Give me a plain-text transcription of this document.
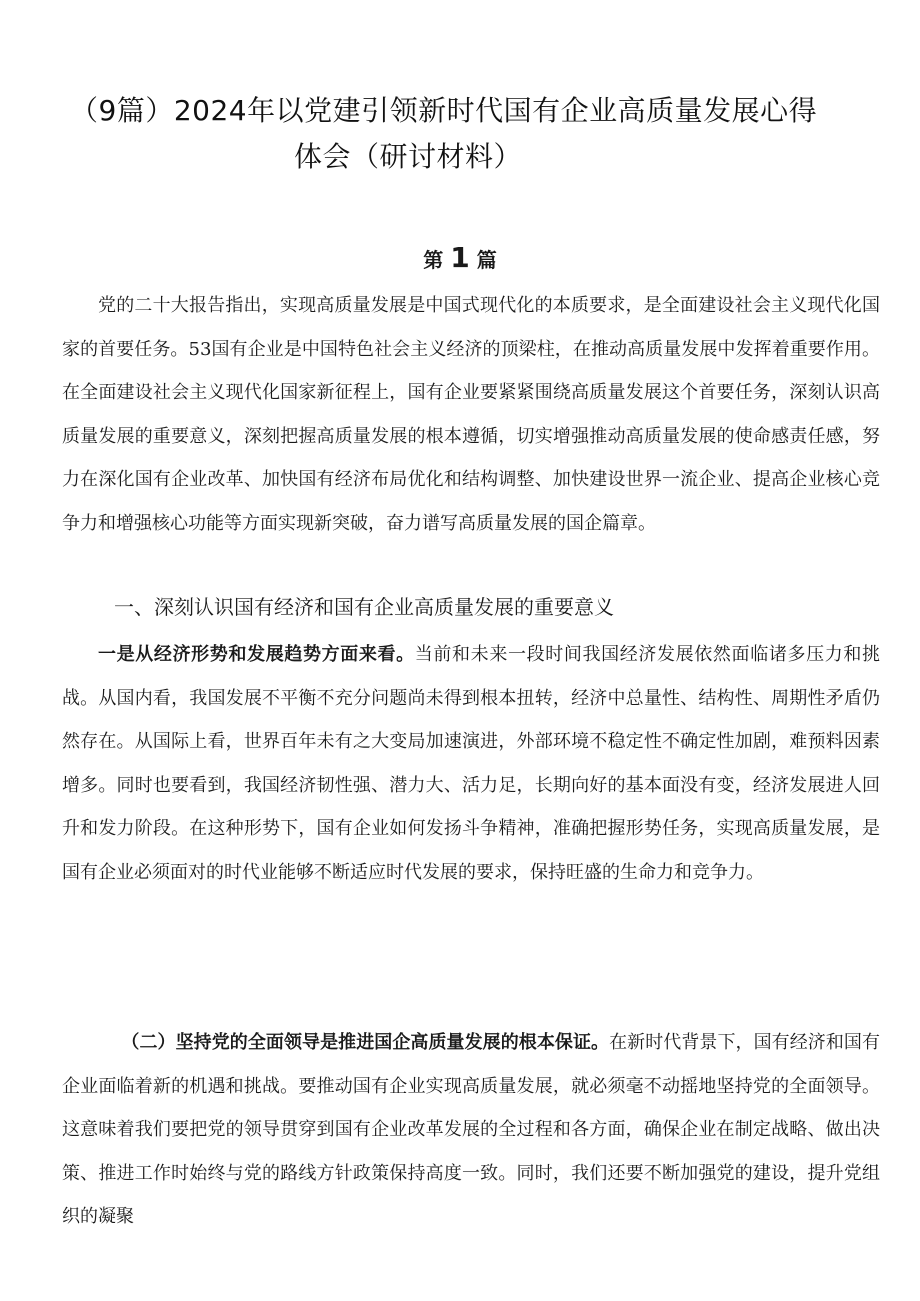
（9篇）2024年以党建引领新时代国有企业高质量发展心得
体会（研讨材料）
第 1 篇

党的二十大报告指出，实现高质量发展是中国式现代化的本质要求，是全面建设社会主义现代化国家的首要任务。53国有企业是中国特色社会主义经济的顶梁柱，在推动高质量发展中发挥着重要作用。在全面建设社会主义现代化国家新征程上，国有企业要紧紧围绕高质量发展这个首要任务，深刻认识高质量发展的重要意义，深刻把握高质量发展的根本遵循，切实增强推动高质量发展的使命感责任感，努力在深化国有企业改革、加快国有经济布局优化和结构调整、加快建设世界一流企业、提高企业核心竞争力和增强核心功能等方面实现新突破，奋力谱写高质量发展的国企篇章。

一、深刻认识国有经济和国有企业高质量发展的重要意义

一是从经济形势和发展趋势方面来看。当前和未来一段时间我国经济发展依然面临诸多压力和挑战。从国内看，我国发展不平衡不充分问题尚未得到根本扭转，经济中总量性、结构性、周期性矛盾仍然存在。从国际上看，世界百年未有之大变局加速演进，外部环境不稳定性不确定性加剧，难预料因素增多。同时也要看到，我国经济韧性强、潜力大、活力足，长期向好的基本面没有变，经济发展进人回升和发力阶段。在这种形势下，国有企业如何发扬斗争精神，准确把握形势任务，实现高质量发展，是国有企业必须面对的时代业能够不断适应时代发展的要求，保持旺盛的生命力和竞争力。

（二）坚持党的全面领导是推进国企高质量发展的根本保证。在新时代背景下，国有经济和国有企业面临着新的机遇和挑战。要推动国有企业实现高质量发展，就必须毫不动摇地坚持党的全面领导。这意味着我们要把党的领导贯穿到国有企业改革发展的全过程和各方面，确保企业在制定战略、做出决策、推进工作时始终与党的路线方针政策保持高度一致。同时，我们还要不断加强党的建设，提升党组织的凝聚
